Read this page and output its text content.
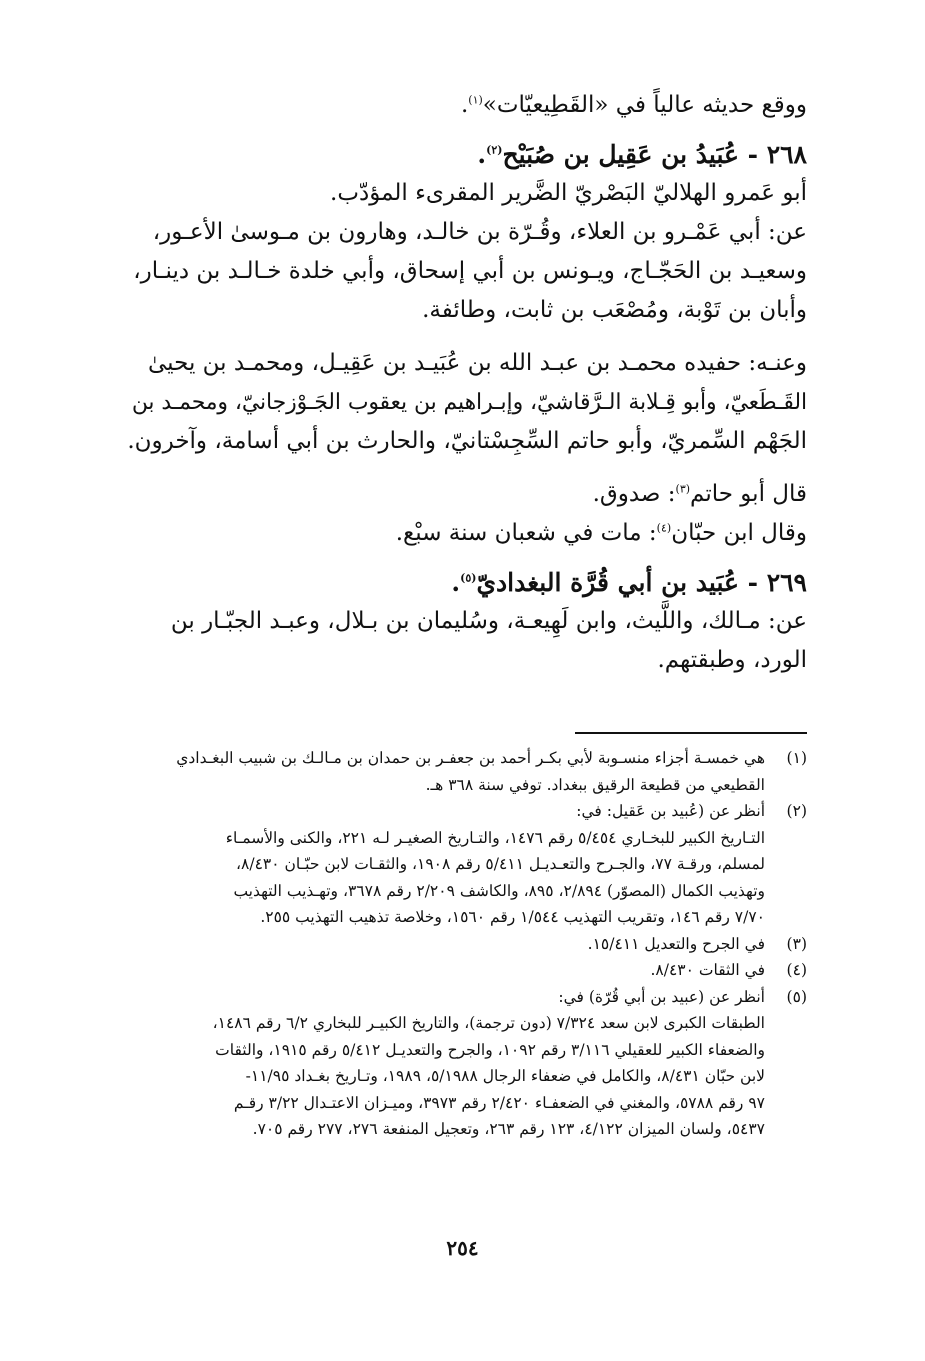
ووقع حديثه عالياً في «القَطِيعيّات»$^{(١)}$.
٢٦٨ - عُبَيدُ بن عَقِيل بن صُبَيْح$^{(٢)}$.
أبو عَمرو الهلاليّ البَصْريّ الضَّرير المقرىء المؤدّب.
عن: أبي عَمْـرو بن العلاء، وقُـرّة بن خالـد، وهارون بن مـوسىٰ الأعـور،
وسعيـد بن الحَجّـاج، ويـونس بن أبي إسحاق، وأبي خلدة خـالـد بن دينـار،
وأبان بن تَوْبة، ومُصْعَب بن ثابت، وطائفة.
وعنـه: حفيده محمـد بن عبـد الله بن عُبَيـد بن عَقِيـل، ومحمـد بن يحيىٰ
القَـطَعيّ، وأبو قِـلابة الـرَّقاشيّ، وإبـراهيم بن يعقوب الجَـوْزجانيّ، ومحمـد بن
الجَهْم السِّمريّ، وأبو حاتم السِّجِسْتانيّ، والحارث بن أبي أسامة، وآخرون.
قال أبو حاتم$^{(٣)}$: صدوق.
وقال ابن حبّان$^{(٤)}$: مات في شعبان سنة سبْع.
٢٦٩ - عُبَيد بن أبي قُرَّة البغداديّ$^{(٥)}$.
عن: مـالك، واللَّيث، وابن لَهِيعـة، وسُليمان بن بـلال، وعبـد الجبّـار بن
الورد، وطبقتهم.
(١)هي خمسـة أجزاء منسـوبة لأبي بكـر أحمد بن جعفـر بن حمدان بن مـالـك بن شبيب البغـدادي
القطيعي من قطيعة الرقيق ببغداد. توفي سنة ٣٦٨ هـ.
(٢)أنظر عن (عُبيد بن عَقيل: في:
التـاريخ الكبير للبخـاري ٥/٤٥٤ رقم ١٤٧٦، والتـاريخ الصغيـر لـه ٢٢١، والكنى والأسمـاء
لمسلم، ورقـة ٧٧، والجـرح والتعـديـل ٥/٤١١ رقم ١٩٠٨، والثقـات لابن حبّـان ٨/٤٣٠،
وتهذيب الكمال (المصوّر) ٢/٨٩٤، ٨٩٥، والكاشف ٢/٢٠٩ رقم ٣٦٧٨، وتهـذيب التهذيب
٧/٧٠ رقم ١٤٦، وتقريب التهذيب ١/٥٤٤ رقم ١٥٦٠، وخلاصة تذهيب التهذيب ٢٥٥.
(٣)في الجرح والتعديل ١٥/٤١١.
(٤)في الثقات ٨/٤٣٠.
(٥)أنظر عن (عبيد بن أبي قُرّة) في:
الطبقات الكبرى لابن سعد ٧/٣٢٤ (دون ترجمة)، والتاريخ الكبيـر للبخاري ٦/٢ رقم ١٤٨٦،
والضعفاء الكبير للعقيلي ٣/١١٦ رقم ١٠٩٢، والجرح والتعديـل ٥/٤١٢ رقم ١٩١٥، والثقات
لابن حبّان ٨/٤٣١، والكامل في ضعفاء الرجال ٥/١٩٨٨، ١٩٨٩، وتـاريخ بغـداد ١١/٩٥-
٩٧ رقم ٥٧٨٨، والمغني في الضعفـاء ٢/٤٢٠ رقم ٣٩٧٣، وميـزان الاعتـدال ٣/٢٢ رقـم
٥٤٣٧، ولسان الميزان ٤/١٢٢، ١٢٣ رقم ٢٦٣، وتعجيل المنفعة ٢٧٦، ٢٧٧ رقم ٧٠٥.
٢٥٤
